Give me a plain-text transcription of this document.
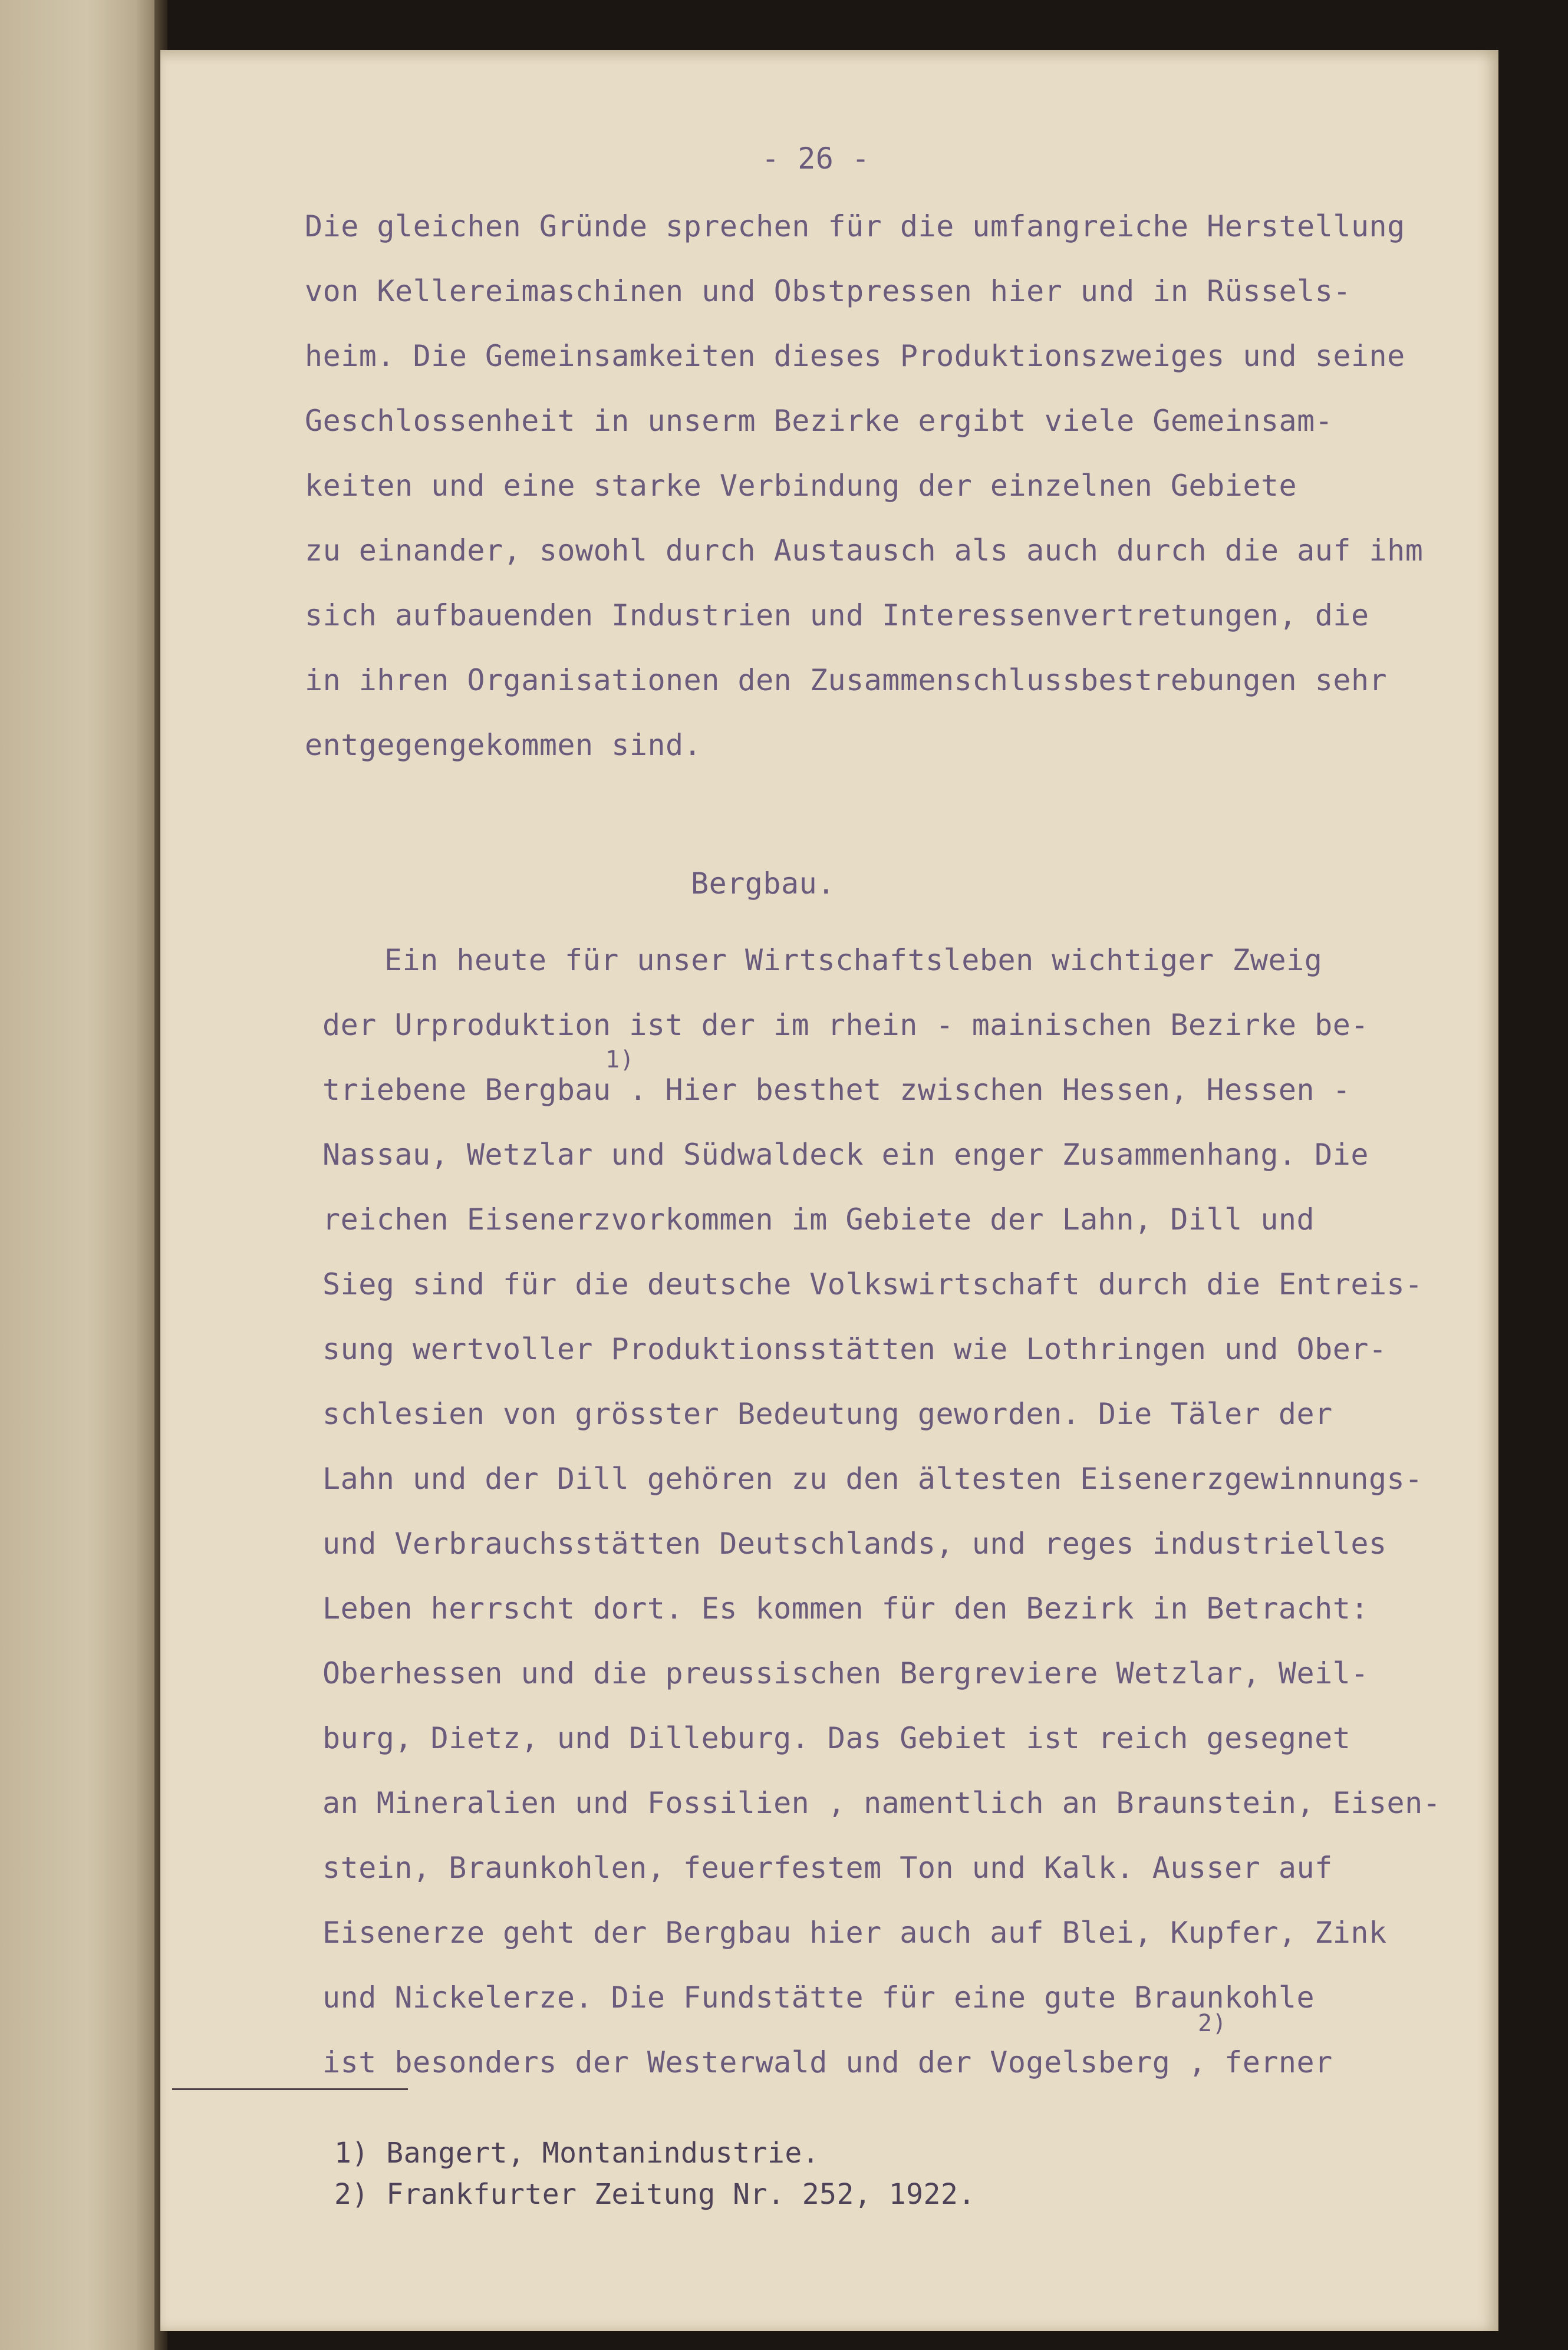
- 26 -
Die gleichen Gründe sprechen für die umfangreiche Herstellung
von Kellereimaschinen und Obstpressen hier und in Rüssels-
heim. Die Gemeinsamkeiten dieses Produktionszweiges und seine
Geschlossenheit in unserm Bezirke ergibt viele Gemeinsam-
keiten und eine starke Verbindung der einzelnen Gebiete
zu einander, sowohl durch Austausch als auch durch die auf ihm
sich aufbauenden Industrien und Interessenvertretungen, die
in ihren Organisationen den Zusammenschlussbestrebungen sehr
entgegengekommen sind.
Bergbau.
Ein heute für unser Wirtschaftsleben wichtiger Zweig
der Urproduktion ist der im rhein - mainischen Bezirke be-
1)
triebene Bergbau . Hier besthet zwischen Hessen, Hessen -
Nassau, Wetzlar und Südwaldeck ein enger Zusammenhang. Die
reichen Eisenerzvorkommen im Gebiete der Lahn, Dill und
Sieg sind für die deutsche Volkswirtschaft durch die Entreis-
sung wertvoller Produktionsstätten wie Lothringen und Ober-
schlesien von grösster Bedeutung geworden. Die Täler der
Lahn und der Dill gehören zu den ältesten Eisenerzgewinnungs-
und Verbrauchsstätten Deutschlands, und reges industrielles
Leben herrscht dort. Es kommen für den Bezirk in Betracht:
Oberhessen und die preussischen Bergreviere Wetzlar, Weil-
burg, Dietz, und Dilleburg. Das Gebiet ist reich gesegnet
an Mineralien und Fossilien , namentlich an Braunstein, Eisen-
stein, Braunkohlen, feuerfestem Ton und Kalk. Ausser auf
Eisenerze geht der Bergbau hier auch auf Blei, Kupfer, Zink
und Nickelerze. Die Fundstätte für eine gute Braunkohle
2)
ist besonders der Westerwald und der Vogelsberg , ferner
1) Bangert, Montanindustrie.
2) Frankfurter Zeitung Nr. 252, 1922.
